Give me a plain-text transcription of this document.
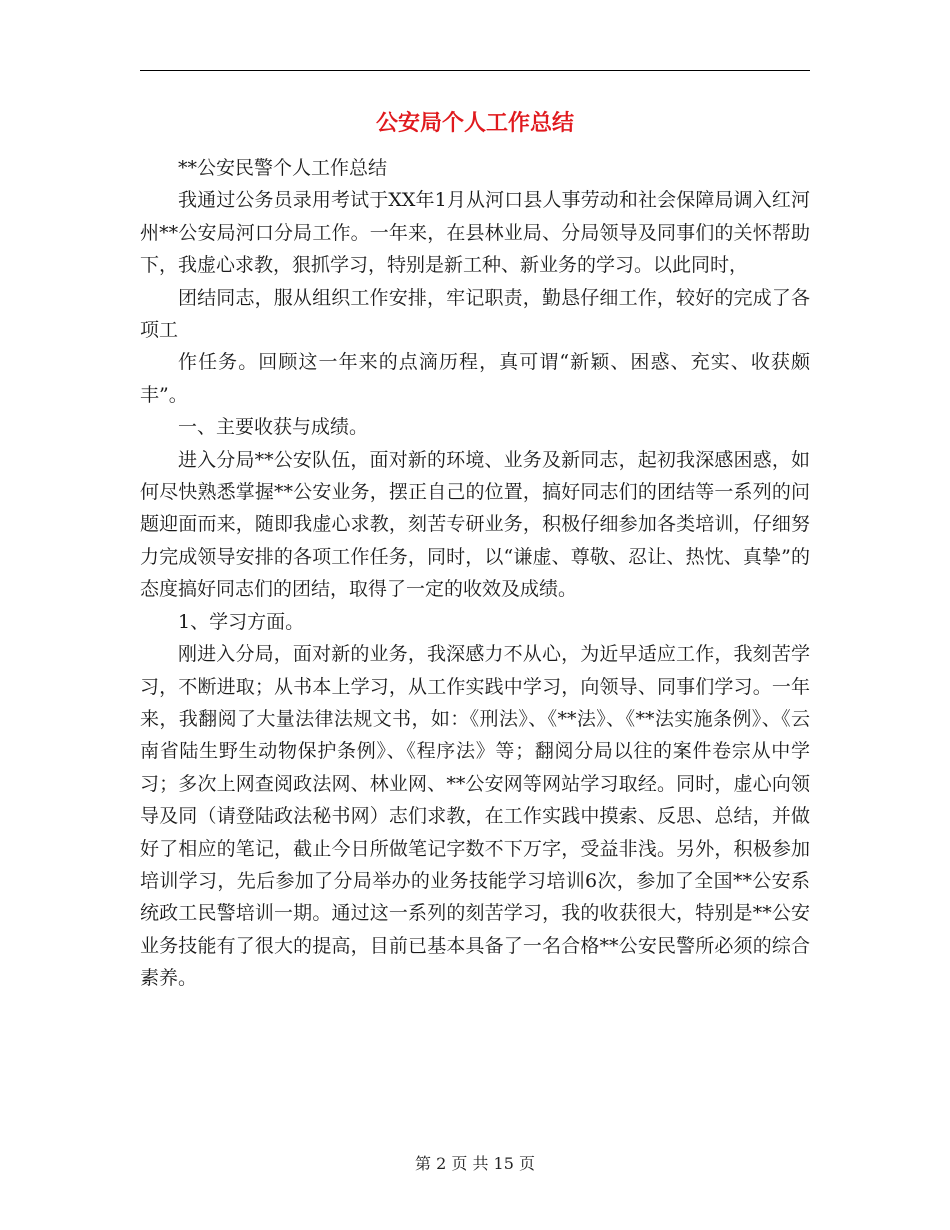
公安局个人工作总结

**公安民警个人工作总结

我通过公务员录用考试于XX年1月从河口县人事劳动和社会保障局调入红河州**公安局河口分局工作。一年来，在县林业局、分局领导及同事们的关怀帮助下，我虚心求教，狠抓学习，特别是新工种、新业务的学习。以此同时，

团结同志，服从组织工作安排，牢记职责，勤恳仔细工作，较好的完成了各项工

作任务。回顾这一年来的点滴历程，真可谓“新颖、困惑、充实、收获颇丰”。

一、主要收获与成绩。

进入分局**公安队伍，面对新的环境、业务及新同志，起初我深感困惑，如何尽快熟悉掌握**公安业务，摆正自己的位置，搞好同志们的团结等一系列的问题迎面而来，随即我虚心求教，刻苦专研业务，积极仔细参加各类培训，仔细努力完成领导安排的各项工作任务，同时，以“谦虚、尊敬、忍让、热忱、真挚”的态度搞好同志们的团结，取得了一定的收效及成绩。

1、学习方面。

刚进入分局，面对新的业务，我深感力不从心，为近早适应工作，我刻苦学习，不断进取；从书本上学习，从工作实践中学习，向领导、同事们学习。一年来，我翻阅了大量法律法规文书，如：《刑法》、《**法》、《**法实施条例》、《云南省陆生野生动物保护条例》、《程序法》等；翻阅分局以往的案件卷宗从中学习；多次上网查阅政法网、林业网、**公安网等网站学习取经。同时，虚心向领导及同（请登陆政法秘书网）志们求教，在工作实践中摸索、反思、总结，并做好了相应的笔记，截止今日所做笔记字数不下万字，受益非浅。另外，积极参加培训学习，先后参加了分局举办的业务技能学习培训6次，参加了全国**公安系统政工民警培训一期。通过这一系列的刻苦学习，我的收获很大，特别是**公安业务技能有了很大的提高，目前已基本具备了一名合格**公安民警所必须的综合素养。

第 2 页 共 15 页
